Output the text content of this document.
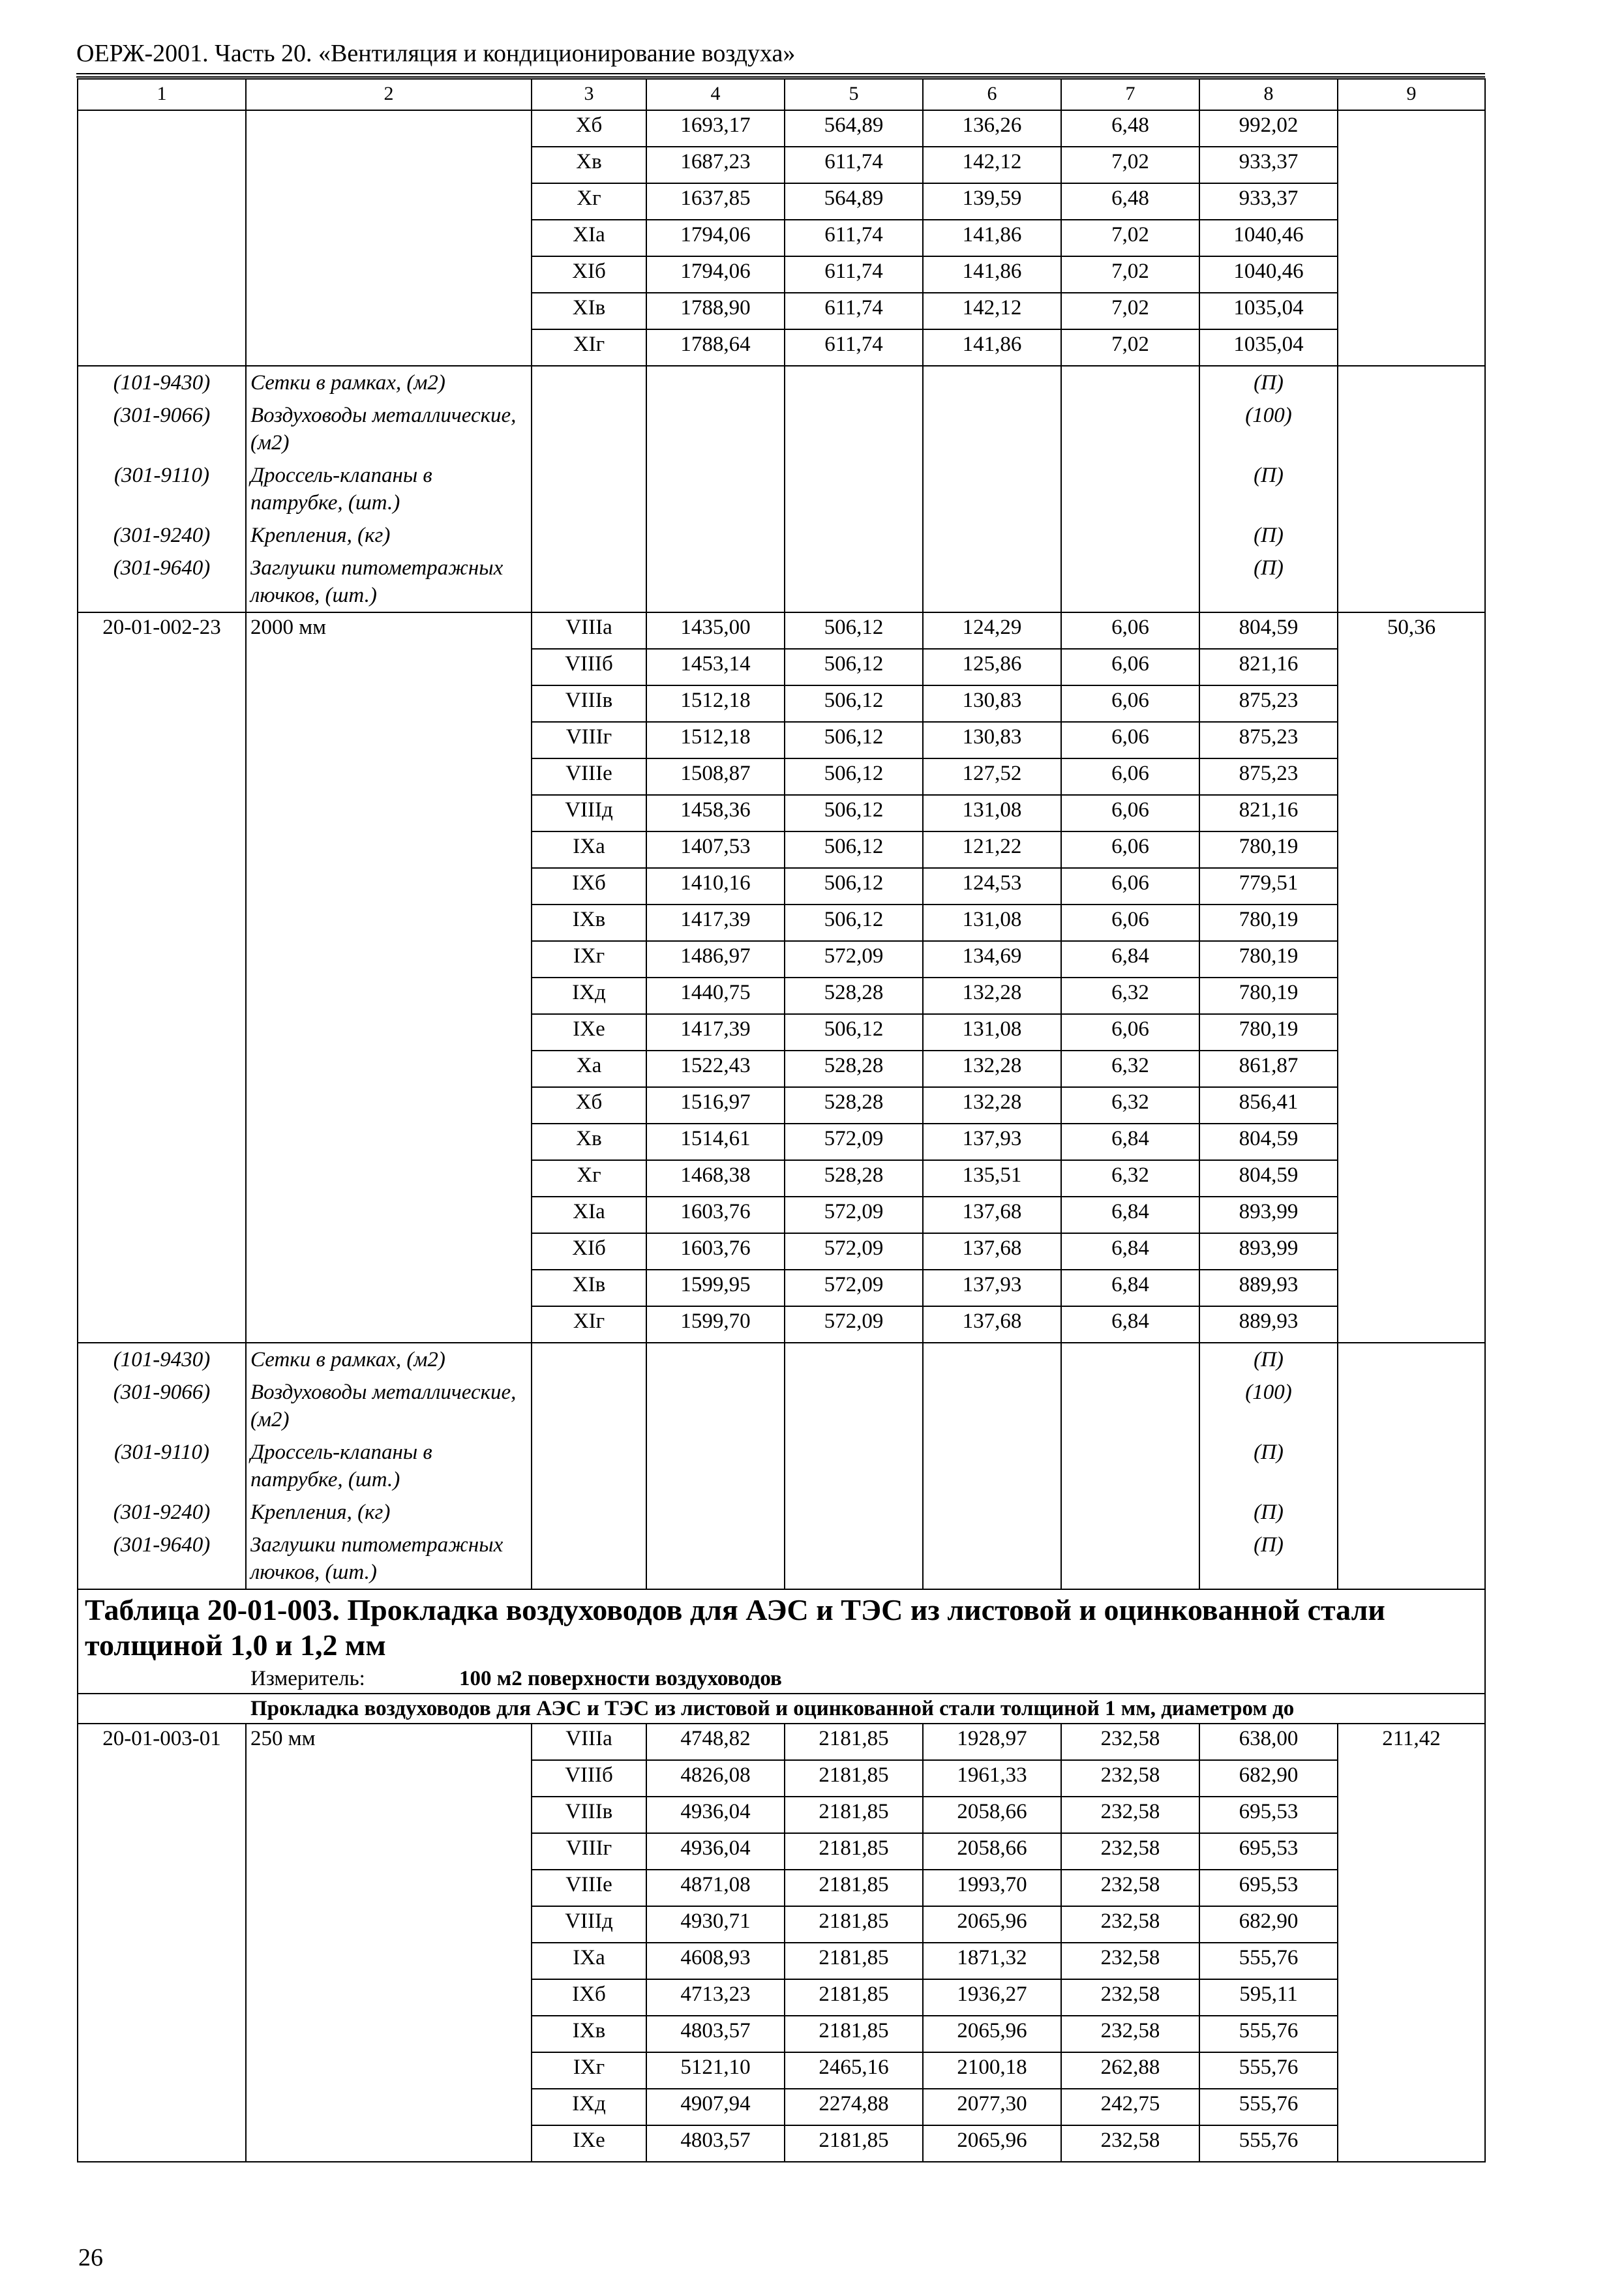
ОЕРЖ-2001. Часть 20. «Вентиляция и кондиционирование воздуха»
1	2	3	4	5	6	7	8	9
		Хб	1693,17	564,89	136,26	6,48	992,02	
		Хв	1687,23	611,74	142,12	7,02	933,37	
		Хг	1637,85	564,89	139,59	6,48	933,37	
		ХIа	1794,06	611,74	141,86	7,02	1040,46	
		ХIб	1794,06	611,74	141,86	7,02	1040,46	
		ХIв	1788,90	611,74	142,12	7,02	1035,04	
		ХIг	1788,64	611,74	141,86	7,02	1035,04	
(101-9430)	Сетки в рамках, (м2)						(П)	
(301-9066)	Воздуховоды металлические, (м2)						(100)	
(301-9110)	Дроссель-клапаны в патрубке, (шт.)						(П)	
(301-9240)	Крепления, (кг)						(П)	
(301-9640)	Заглушки питометражных лючков, (шт.)						(П)	
20-01-002-23	2000 мм	VIIIа	1435,00	506,12	124,29	6,06	804,59	50,36
		VIIIб	1453,14	506,12	125,86	6,06	821,16	
		VIIIв	1512,18	506,12	130,83	6,06	875,23	
		VIIIг	1512,18	506,12	130,83	6,06	875,23	
		VIIIе	1508,87	506,12	127,52	6,06	875,23	
		VIIIд	1458,36	506,12	131,08	6,06	821,16	
		IХа	1407,53	506,12	121,22	6,06	780,19	
		IХб	1410,16	506,12	124,53	6,06	779,51	
		IХв	1417,39	506,12	131,08	6,06	780,19	
		IХг	1486,97	572,09	134,69	6,84	780,19	
		IХд	1440,75	528,28	132,28	6,32	780,19	
		IХе	1417,39	506,12	131,08	6,06	780,19	
		Ха	1522,43	528,28	132,28	6,32	861,87	
		Хб	1516,97	528,28	132,28	6,32	856,41	
		Хв	1514,61	572,09	137,93	6,84	804,59	
		Хг	1468,38	528,28	135,51	6,32	804,59	
		ХIа	1603,76	572,09	137,68	6,84	893,99	
		ХIб	1603,76	572,09	137,68	6,84	893,99	
		ХIв	1599,95	572,09	137,93	6,84	889,93	
		ХIг	1599,70	572,09	137,68	6,84	889,93	
(101-9430)	Сетки в рамках, (м2)						(П)	
(301-9066)	Воздуховоды металлические, (м2)						(100)	
(301-9110)	Дроссель-клапаны в патрубке, (шт.)						(П)	
(301-9240)	Крепления, (кг)						(П)	
(301-9640)	Заглушки питометражных лючков, (шт.)						(П)	
Таблица 20-01-003. Прокладка воздуховодов для АЭС и ТЭС из листовой и оцинкованной стали толщиной 1,0 и 1,2 мм								
Измеритель: 100 м2 поверхности воздуховодов								
Прокладка воздуховодов для АЭС и ТЭС из листовой и оцинкованной стали толщиной 1 мм, диаметром до								
20-01-003-01	250 мм	VIIIа	4748,82	2181,85	1928,97	232,58	638,00	211,42
		VIIIб	4826,08	2181,85	1961,33	232,58	682,90	
		VIIIв	4936,04	2181,85	2058,66	232,58	695,53	
		VIIIг	4936,04	2181,85	2058,66	232,58	695,53	
		VIIIе	4871,08	2181,85	1993,70	232,58	695,53	
		VIIIд	4930,71	2181,85	2065,96	232,58	682,90	
		IХа	4608,93	2181,85	1871,32	232,58	555,76	
		IХб	4713,23	2181,85	1936,27	232,58	595,11	
		IХв	4803,57	2181,85	2065,96	232,58	555,76	
		IХг	5121,10	2465,16	2100,18	262,88	555,76	
		IХд	4907,94	2274,88	2077,30	242,75	555,76	
		IХе	4803,57	2181,85	2065,96	232,58	555,76	
26
